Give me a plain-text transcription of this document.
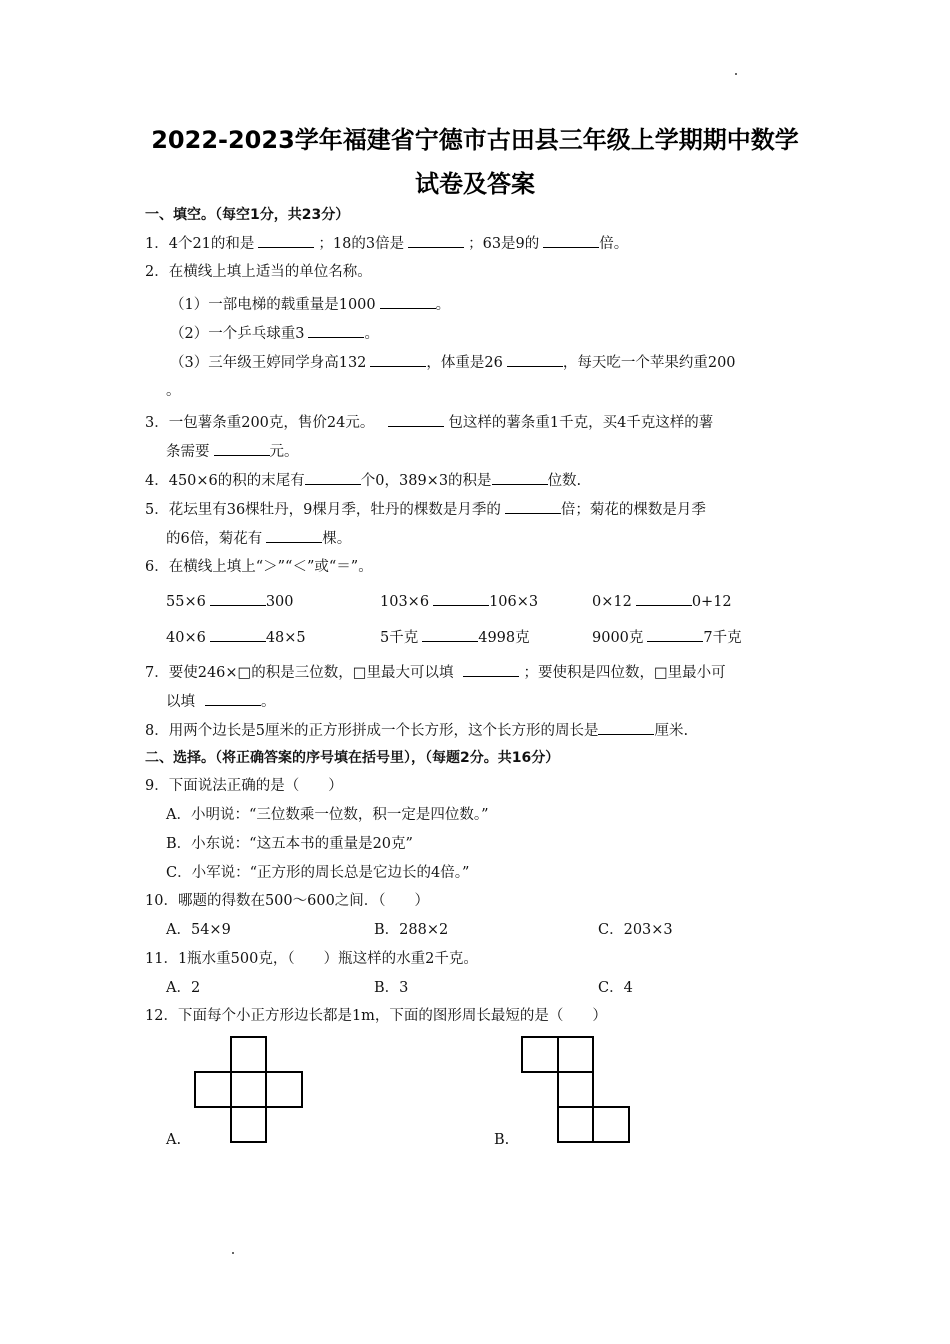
2022-2023学年福建省宁德市古田县三年级上学期期中数学
试卷及答案
一、填空。（每空1分，共23分）
1．4个21的和是	；18的3倍是	；63是9的	倍。
2．在横线上填上适当的单位名称。
（1）一部电梯的载重量是1000	。
（2）一个乒乓球重3	。
（3）三年级王婷同学身高132	，体重是26	，每天吃一个苹果约重200
。
3．一包薯条重200克，售价24元。	包这样的薯条重1千克，买4千克这样的薯
条需要	元。
4．450×6的积的末尾有	个0，389×3的积是	位数.
5．花坛里有36棵牡丹，9棵月季，牡丹的棵数是月季的	倍；菊花的棵数是月季
的6倍，菊花有	棵。
6．在横线上填上“＞”“＜”或“＝”。
55×6	300	103×6	106×3	0×12	0+12
40×6	48×5	5千克	4998克	9000克	7千克
7．要使246×□的积是三位数，□里最大可以填	；要使积是四位数，□里最小可
以填	。
8．用两个边长是5厘米的正方形拼成一个长方形，这个长方形的周长是	厘米.
二、选择。（将正确答案的序号填在括号里），（每题2分。共16分）
9．下面说法正确的是（　　）
A．小明说：“三位数乘一位数，积一定是四位数。”
B．小东说：“这五本书的重量是20克”
C．小军说：“正方形的周长总是它边长的4倍。”
10．哪题的得数在500～600之间．（　　）
A．54×9	B．288×2	C．203×3
11．1瓶水重500克，（　　）瓶这样的水重2千克。
A．2	B．3	C．4
12．下面每个小正方形边长都是1m，下面的图形周长最短的是（　　）
A.	B.
